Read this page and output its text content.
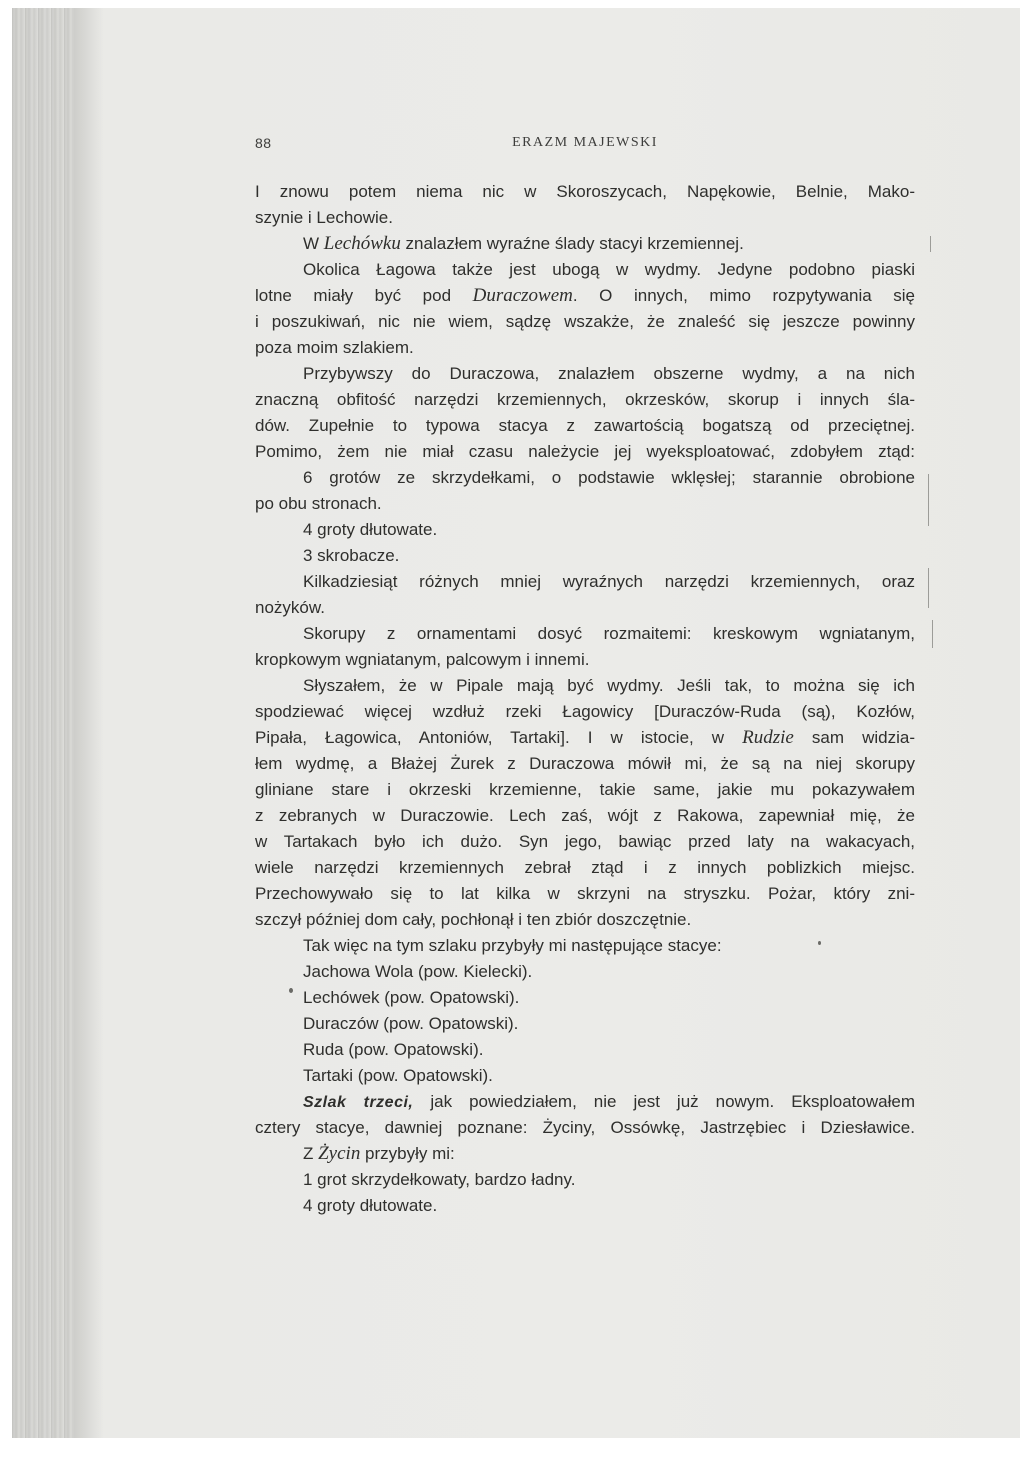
88	ERAZM MAJEWSKI
I znowu potem niema nic w Skoroszycach, Napękowie, Belnie, Mako-
szynie i Lechowie.
W Lechówku znalazłem wyraźne ślady stacyi krzemiennej.
Okolica Łagowa także jest ubogą w wydmy. Jedyne podobno piaski
lotne miały być pod Duraczowem. O innych, mimo rozpytywania się
i poszukiwań, nic nie wiem, sądzę wszakże, że znaleść się jeszcze powinny
poza moim szlakiem.
Przybywszy do Duraczowa, znalazłem obszerne wydmy, a na nich
znaczną obfitość narzędzi krzemiennych, okrzesków, skorup i innych śla-
dów. Zupełnie to typowa stacya z zawartością bogatszą od przeciętnej.
Pomimo, żem nie miał czasu należycie jej wyeksploatować, zdobyłem ztąd:
6 grotów ze skrzydełkami, o podstawie wklęsłej; starannie obrobione
po obu stronach.
4 groty dłutowate.
3 skrobacze.
Kilkadziesiąt różnych mniej wyraźnych narzędzi krzemiennych, oraz
nożyków.
Skorupy z ornamentami dosyć rozmaitemi: kreskowym wgniatanym,
kropkowym wgniatanym, palcowym i innemi.
Słyszałem, że w Pipale mają być wydmy. Jeśli tak, to można się ich
spodziewać więcej wzdłuż rzeki Łagowicy [Duraczów-Ruda (są), Kozłów,
Pipała, Łagowica, Antoniów, Tartaki]. I w istocie, w Rudzie sam widzia-
łem wydmę, a Błażej Żurek z Duraczowa mówił mi, że są na niej skorupy
gliniane stare i okrzeski krzemienne, takie same, jakie mu pokazywałem
z zebranych w Duraczowie. Lech zaś, wójt z Rakowa, zapewniał mię, że
w Tartakach było ich dużo. Syn jego, bawiąc przed laty na wakacyach,
wiele narzędzi krzemiennych zebrał ztąd i z innych poblizkich miejsc.
Przechowywało się to lat kilka w skrzyni na stryszku. Pożar, który zni-
szczył później dom cały, pochłonął i ten zbiór doszczętnie.
Tak więc na tym szlaku przybyły mi następujące stacye:
Jachowa Wola (pow. Kielecki).
Lechówek (pow. Opatowski).
Duraczów (pow. Opatowski).
Ruda (pow. Opatowski).
Tartaki (pow. Opatowski).
Szlak trzeci, jak powiedziałem, nie jest już nowym. Eksploatowałem
cztery stacye, dawniej poznane: Życiny, Ossówkę, Jastrzębiec i Dziesławice.
Z Życin przybyły mi:
1 grot skrzydełkowaty, bardzo ładny.
4 groty dłutowate.
